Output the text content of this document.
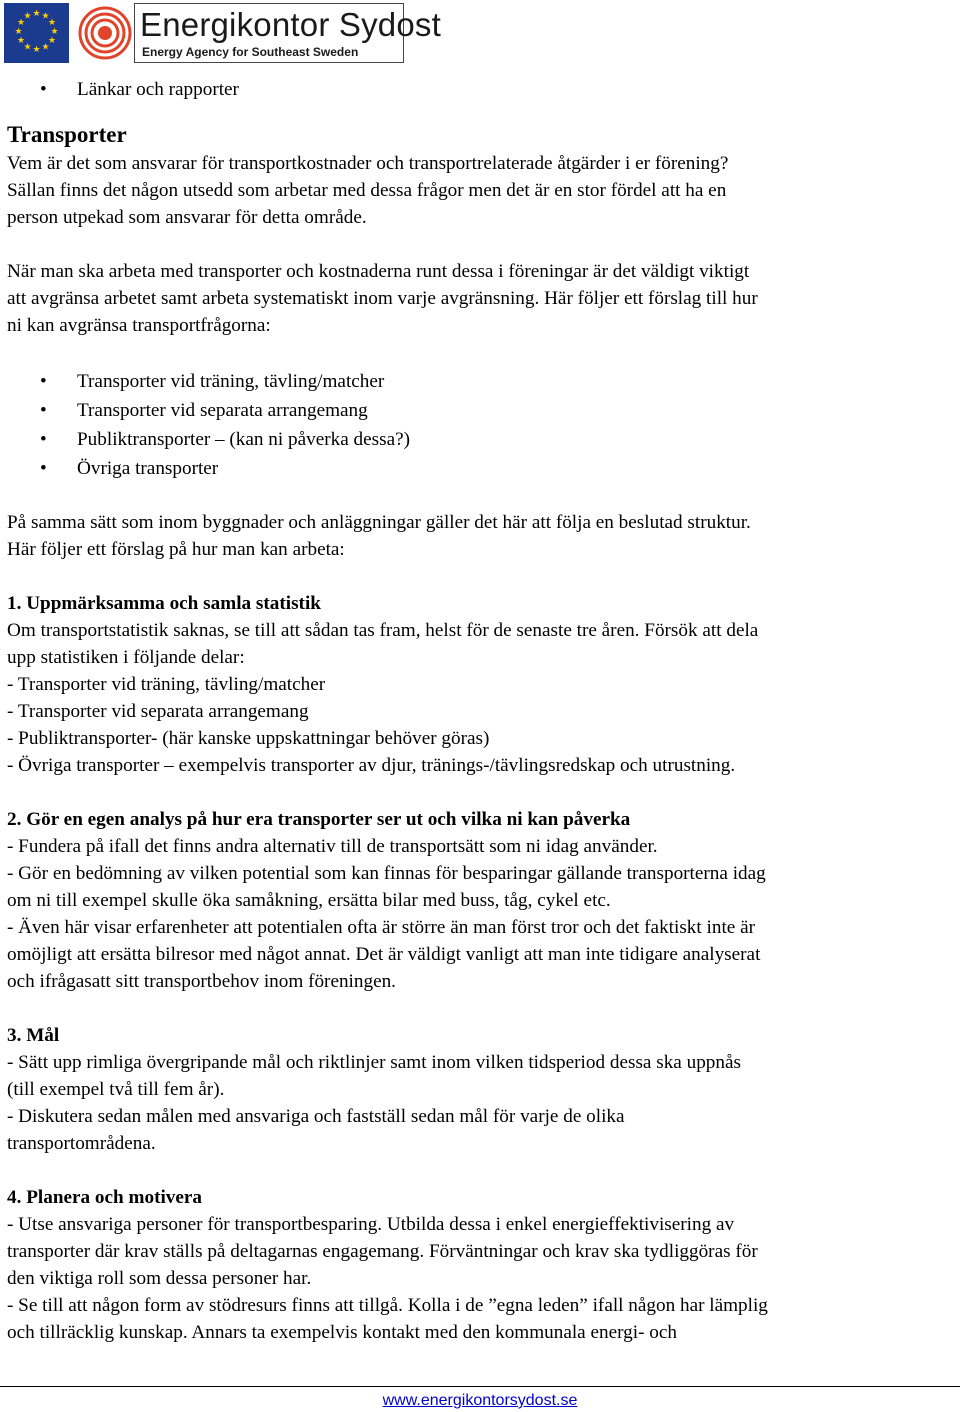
★ ★
★
★
★
★
★
★
★
★
★
★	Energikontor Sydost
Energy Agency for Southeast Sweden
• Länkar och rapporter
Transporter

Vem är det som ansvarar för transportkostnader och transportrelaterade åtgärder i er förening?
Sällan finns det någon utsedd som arbetar med dessa frågor men det är en stor fördel att ha en
person utpekad som ansvarar för detta område.

När man ska arbeta med transporter och kostnaderna runt dessa i föreningar är det väldigt viktigt
att avgränsa arbetet samt arbeta systematiskt inom varje avgränsning. Här följer ett förslag till hur
ni kan avgränsa transportfrågorna:

• Transporter vid träning, tävling/matcher
• Transporter vid separata arrangemang
• Publiktransporter – (kan ni påverka dessa?)
• Övriga transporter

På samma sätt som inom byggnader och anläggningar gäller det här att följa en beslutad struktur.
Här följer ett förslag på hur man kan arbeta:

1. Uppmärksamma och samla statistik
Om transportstatistik saknas, se till att sådan tas fram, helst för de senaste tre åren. Försök att dela
upp statistiken i följande delar:
- Transporter vid träning, tävling/matcher
- Transporter vid separata arrangemang
- Publiktransporter- (här kanske uppskattningar behöver göras)
- Övriga transporter – exempelvis transporter av djur, tränings-/tävlingsredskap och utrustning.
2. Gör en egen analys på hur era transporter ser ut och vilka ni kan påverka
- Fundera på ifall det finns andra alternativ till de transportsätt som ni idag använder.
- Gör en bedömning av vilken potential som kan finnas för besparingar gällande transporterna idag
om ni till exempel skulle öka samåkning, ersätta bilar med buss, tåg, cykel etc.
- Även här visar erfarenheter att potentialen ofta är större än man först tror och det faktiskt inte är
omöjligt att ersätta bilresor med något annat. Det är väldigt vanligt att man inte tidigare analyserat
och ifrågasatt sitt transportbehov inom föreningen.
3. Mål
- Sätt upp rimliga övergripande mål och riktlinjer samt inom vilken tidsperiod dessa ska uppnås
(till exempel två till fem år).
- Diskutera sedan målen med ansvariga och fastställ sedan mål för varje de olika
transportområdena.
4. Planera och motivera
- Utse ansvariga personer för transportbesparing. Utbilda dessa i enkel energieffektivisering av
transporter där krav ställs på deltagarnas engagemang. Förväntningar och krav ska tydliggöras för
den viktiga roll som dessa personer har.
- Se till att någon form av stödresurs finns att tillgå. Kolla i de ”egna leden” ifall någon har lämplig
och tillräcklig kunskap. Annars ta exempelvis kontakt med den kommunala energi- och
www.energikontorsydost.se
